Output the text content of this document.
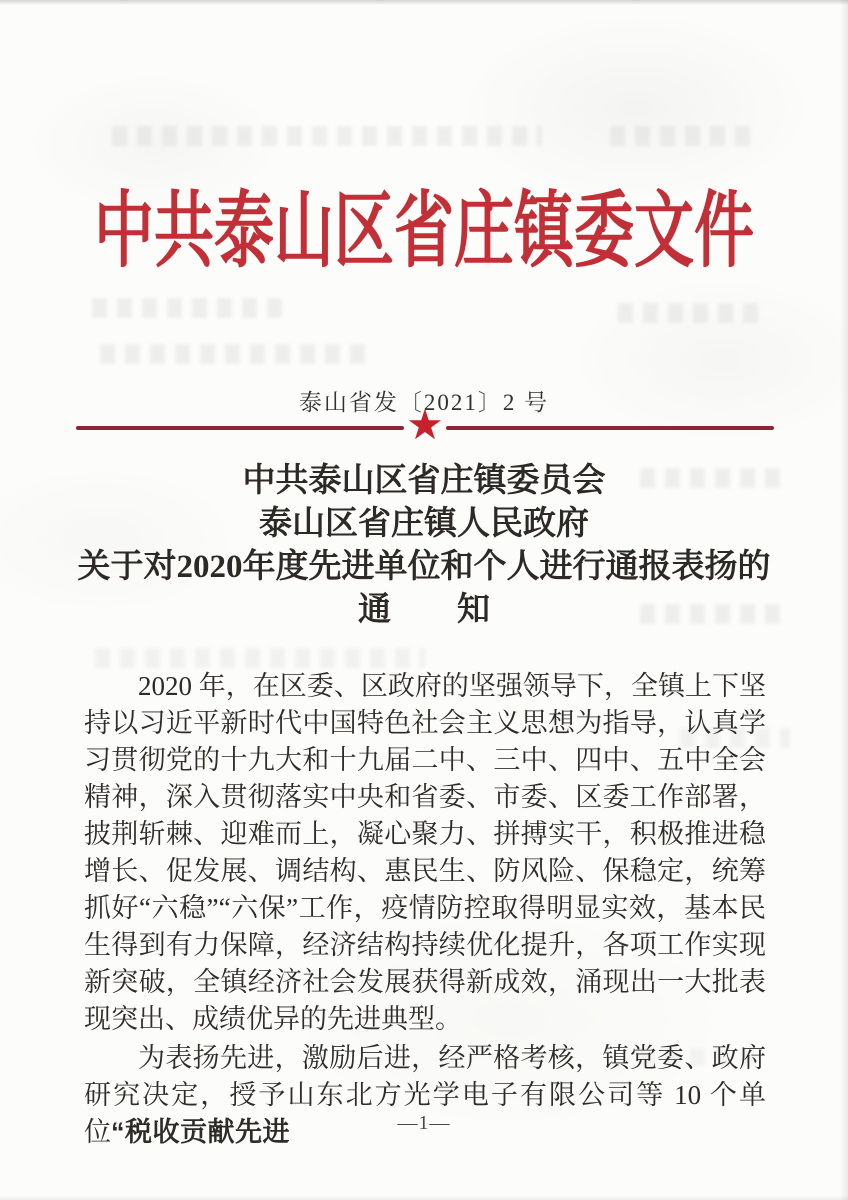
中共泰山区省庄镇委文件
泰山省发〔2021〕2 号
★
中共泰山区省庄镇委员会
泰山区省庄镇人民政府
关于对2020年度先进单位和个人进行通报表扬的
通　　知

2020 年，在区委、区政府的坚强领导下，全镇上下坚持以习近平新时代中国特色社会主义思想为指导，认真学习贯彻党的十九大和十九届二中、三中、四中、五中全会精神，深入贯彻落实中央和省委、市委、区委工作部署，披荆斩棘、迎难而上，凝心聚力、拼搏实干，积极推进稳增长、促发展、调结构、惠民生、防风险、保稳定，统筹抓好“六稳”“六保”工作，疫情防控取得明显实效，基本民生得到有力保障，经济结构持续优化提升，各项工作实现新突破，全镇经济社会发展获得新成效，涌现出一大批表现突出、成绩优异的先进典型。

为表扬先进，激励后进，经严格考核，镇党委、政府研究决定，授予山东北方光学电子有限公司等 10 个单位“税收贡献先进	—1—
